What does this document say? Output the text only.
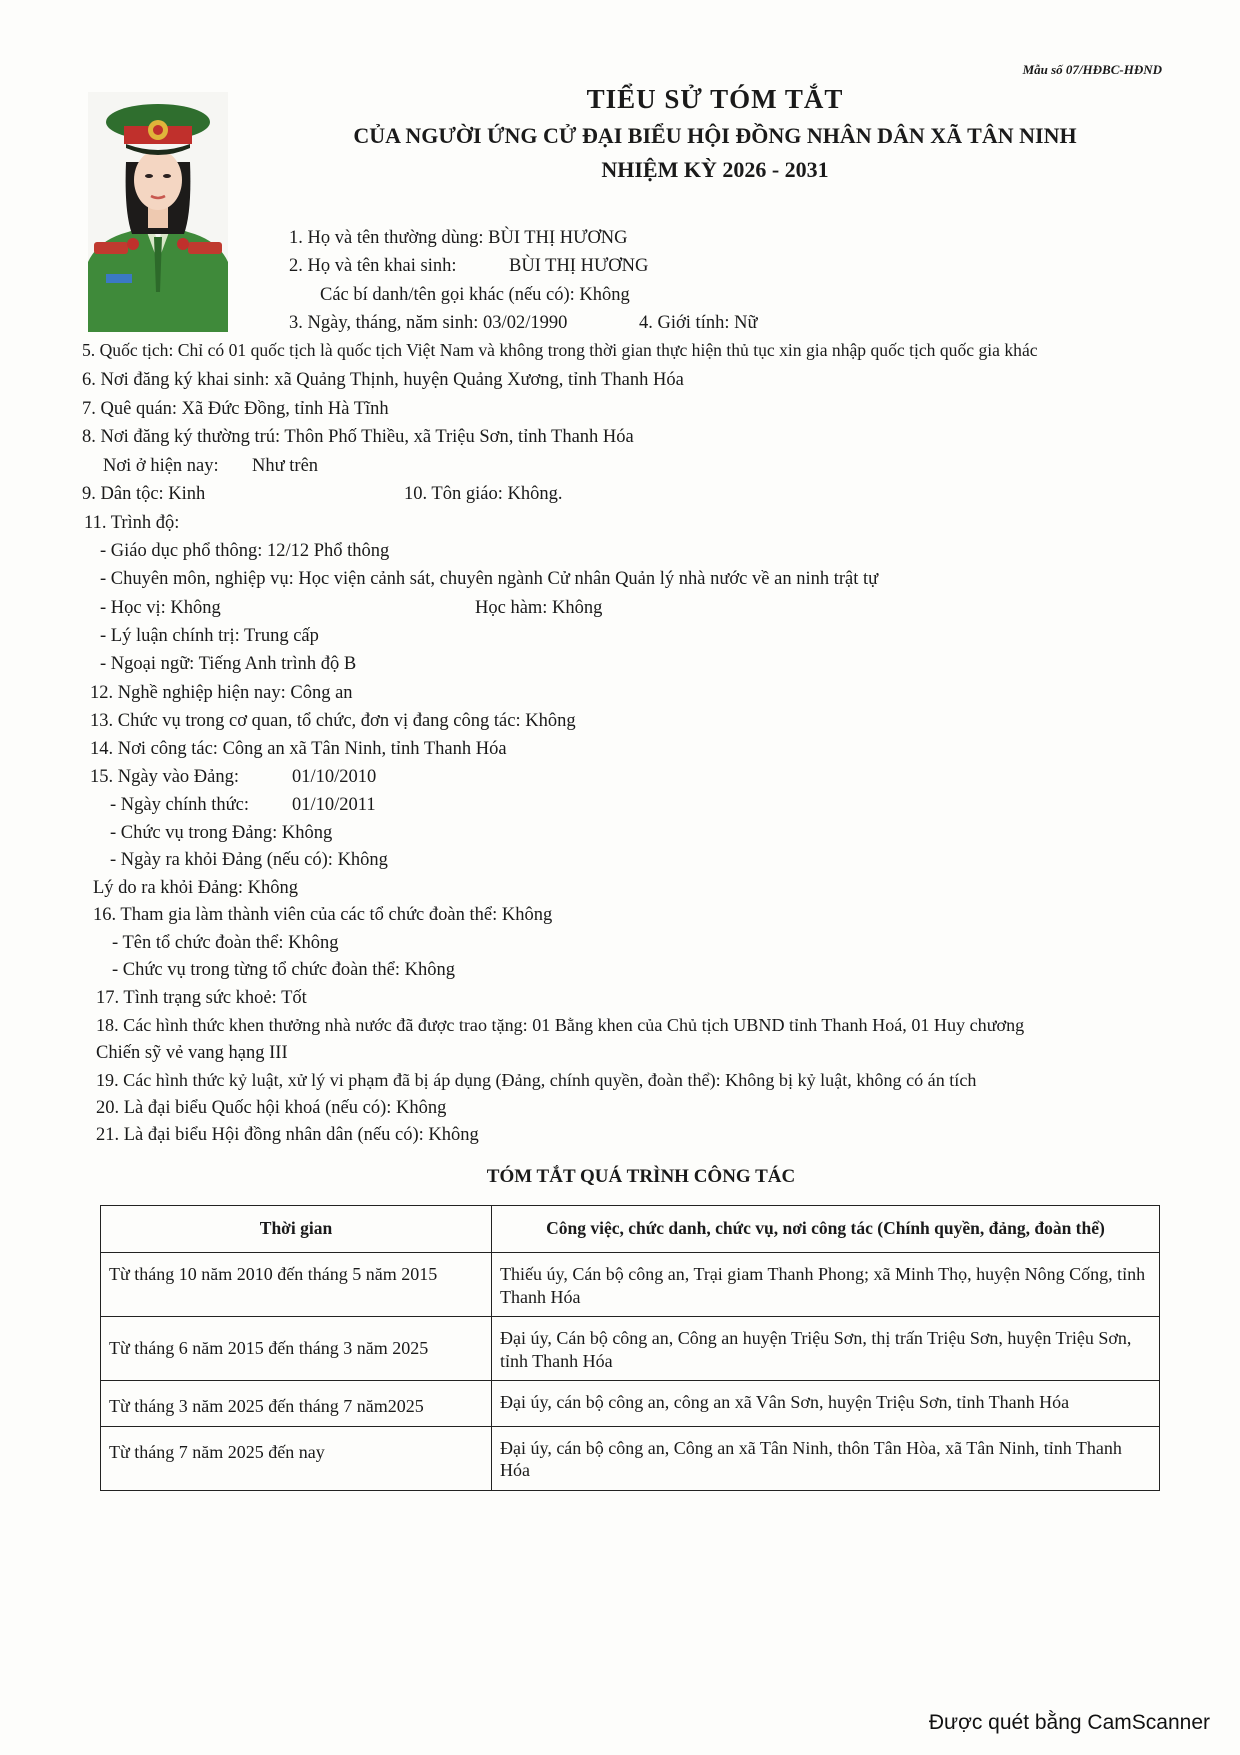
Mẫu số 07/HĐBC-HĐND
TIỂU SỬ TÓM TẮT
CỦA NGƯỜI ỨNG CỬ ĐẠI BIỂU HỘI ĐỒNG NHÂN DÂN XÃ TÂN NINH
NHIỆM KỲ 2026 - 2031
1. Họ và tên thường dùng: BÙI THỊ HƯƠNG
2. Họ và tên khai sinh:	BÙI THỊ HƯƠNG
Các bí danh/tên gọi khác (nếu có): Không
3. Ngày, tháng, năm sinh: 03/02/1990	4. Giới tính: Nữ
5. Quốc tịch: Chỉ có 01 quốc tịch là quốc tịch Việt Nam và không trong thời gian thực hiện thủ tục xin gia nhập quốc tịch quốc gia khác
6. Nơi đăng ký khai sinh: xã Quảng Thịnh, huyện Quảng Xương, tỉnh Thanh Hóa
7. Quê quán: Xã Đức Đồng, tỉnh Hà Tĩnh
8. Nơi đăng ký thường trú: Thôn Phố Thiều, xã Triệu Sơn, tỉnh Thanh Hóa
Nơi ở hiện nay: Như trên
9. Dân tộc: Kinh	10. Tôn giáo: Không.
11. Trình độ:
- Giáo dục phổ thông: 12/12 Phổ thông
- Chuyên môn, nghiệp vụ: Học viện cảnh sát, chuyên ngành Cử nhân Quản lý nhà nước về an ninh trật tự
- Học vị: Không	Học hàm: Không
- Lý luận chính trị: Trung cấp
- Ngoại ngữ: Tiếng Anh trình độ B
12. Nghề nghiệp hiện nay: Công an
13. Chức vụ trong cơ quan, tổ chức, đơn vị đang công tác: Không
14. Nơi công tác: Công an xã Tân Ninh, tỉnh Thanh Hóa
15. Ngày vào Đảng:	01/10/2010
- Ngày chính thức: 01/10/2011
- Chức vụ trong Đảng: Không
- Ngày ra khỏi Đảng (nếu có): Không
Lý do ra khỏi Đảng: Không
16. Tham gia làm thành viên của các tổ chức đoàn thể: Không
- Tên tổ chức đoàn thể: Không
- Chức vụ trong từng tổ chức đoàn thể: Không
17. Tình trạng sức khoẻ: Tốt
18. Các hình thức khen thưởng nhà nước đã được trao tặng: 01 Bằng khen của Chủ tịch UBND tỉnh Thanh Hoá, 01 Huy chương
Chiến sỹ vẻ vang hạng III
19. Các hình thức kỷ luật, xử lý vi phạm đã bị áp dụng (Đảng, chính quyền, đoàn thể): Không bị kỷ luật, không có án tích
20. Là đại biểu Quốc hội khoá (nếu có): Không
21. Là đại biểu Hội đồng nhân dân (nếu có): Không
TÓM TẮT QUÁ TRÌNH CÔNG TÁC
Thời gian	Công việc, chức danh, chức vụ, nơi công tác (Chính quyền, đảng, đoàn thể)
Từ tháng 10 năm 2010 đến tháng 5 năm 2015	Thiếu úy, Cán bộ công an, Trại giam Thanh Phong; xã Minh Thọ, huyện Nông Cống, tỉnh Thanh Hóa
Từ tháng 6 năm 2015 đến tháng 3 năm 2025	Đại úy, Cán bộ công an, Công an huyện Triệu Sơn, thị trấn Triệu Sơn, huyện Triệu Sơn, tỉnh Thanh Hóa
Từ tháng 3 năm 2025 đến tháng 7 năm2025	Đại úy, cán bộ công an, công an xã Vân Sơn, huyện Triệu Sơn, tỉnh Thanh Hóa
Từ tháng 7 năm 2025 đến nay	Đại úy, cán bộ công an, Công an xã Tân Ninh, thôn Tân Hòa, xã Tân Ninh, tỉnh Thanh Hóa
Được quét bằng CamScanner
